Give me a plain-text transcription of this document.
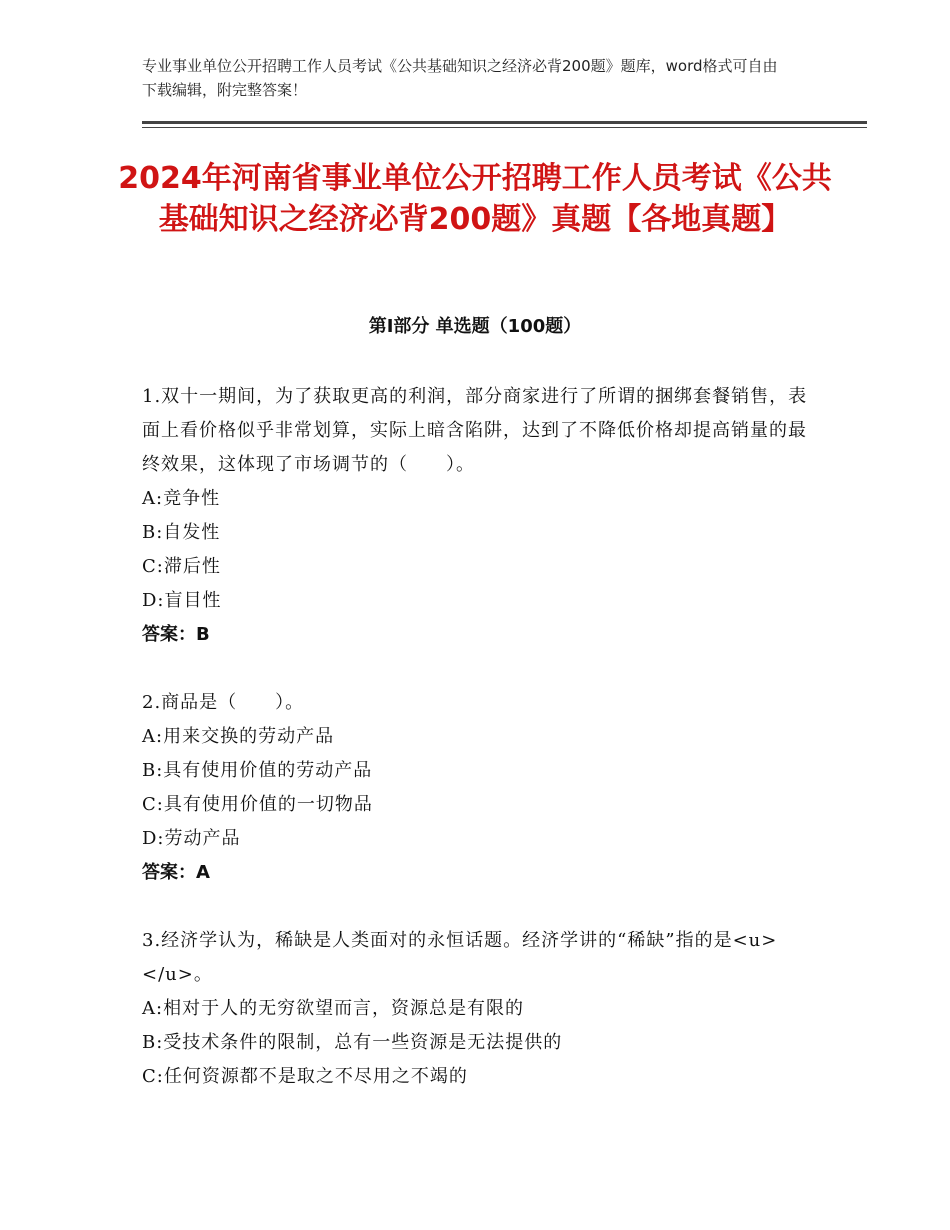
专业事业单位公开招聘工作人员考试《公共基础知识之经济必背200题》题库，word格式可自由下载编辑，附完整答案！
2024年河南省事业单位公开招聘工作人员考试《公共基础知识之经济必背200题》真题【各地真题】
第Ⅰ部分 单选题（100题）

1.双十一期间，为了获取更高的利润，部分商家进行了所谓的捆绑套餐销售，表面上看价格似乎非常划算，实际上暗含陷阱，达到了不降低价格却提高销量的最终效果，这体现了市场调节的（　　）。

A:竞争性

B:自发性

C:滞后性

D:盲目性

答案：B

2.商品是（　　）。

A:用来交换的劳动产品

B:具有使用价值的劳动产品

C:具有使用价值的一切物品

D:劳动产品

答案：A

3.经济学认为，稀缺是人类面对的永恒话题。经济学讲的“稀缺”指的是<u>　　</u>。

A:相对于人的无穷欲望而言，资源总是有限的

B:受技术条件的限制，总有一些资源是无法提供的

C:任何资源都不是取之不尽用之不竭的
